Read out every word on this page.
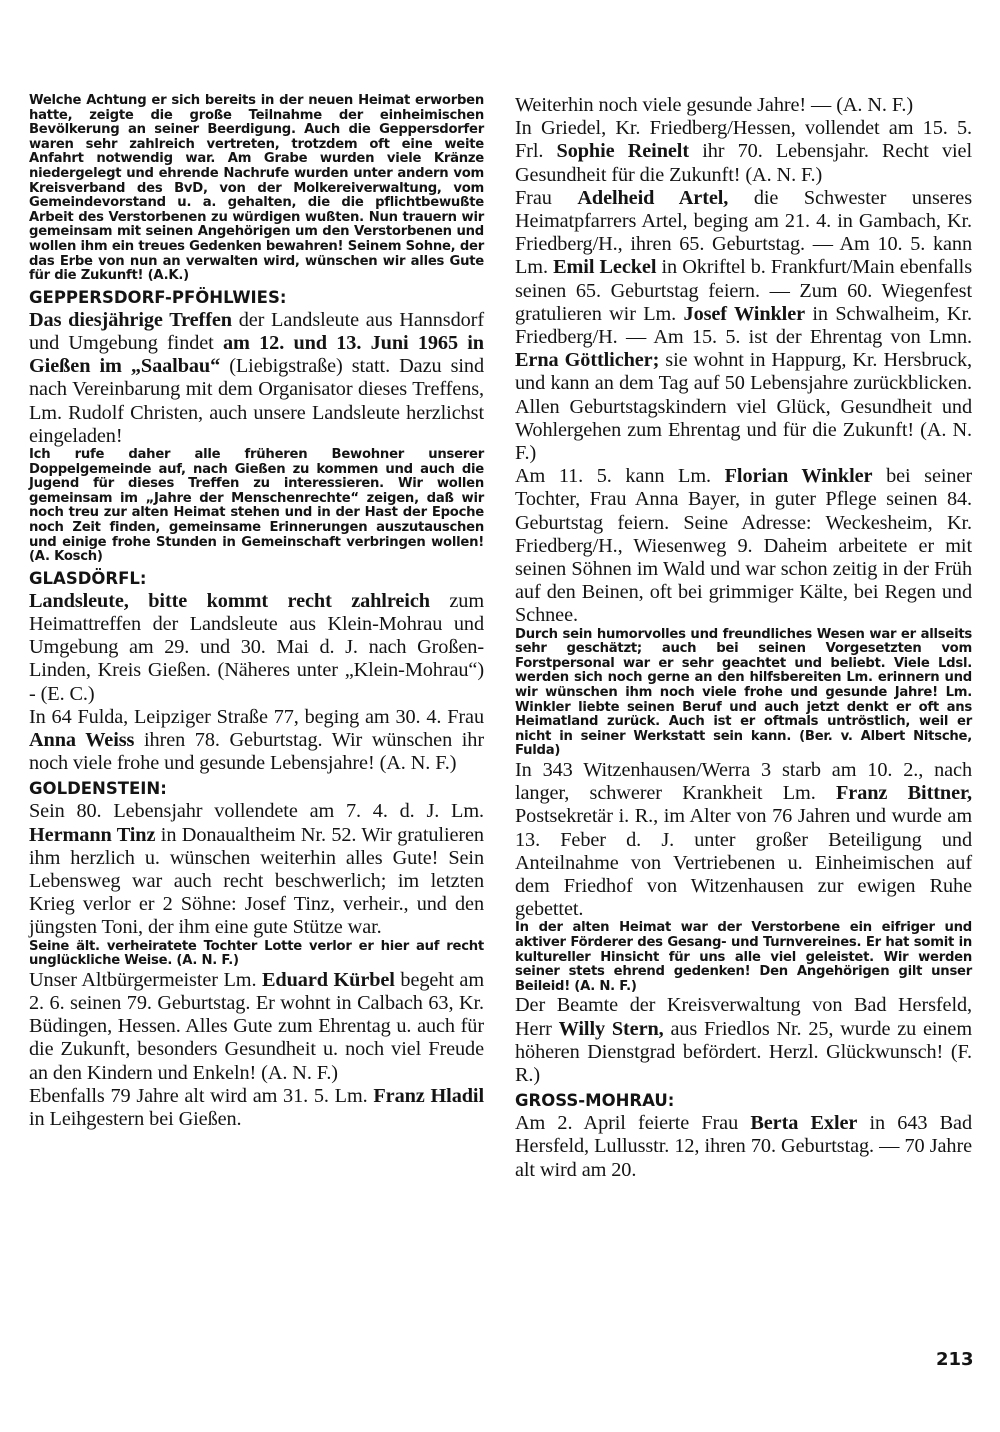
Welche Achtung er sich bereits in der neuen Heimat erworben hatte, zeigte die große Teilnahme der einheimischen Bevölkerung an seiner Beerdigung. Auch die Geppersdorfer waren sehr zahlreich vertreten, trotzdem oft eine weite Anfahrt notwendig war. Am Grabe wurden viele Kränze niedergelegt und ehrende Nachrufe wurden unter andern vom Kreisverband des BvD, von der Molkereiverwaltung, vom Gemeindevorstand u. a. gehalten, die die pflichtbewußte Arbeit des Verstorbenen zu würdigen wußten. Nun trauern wir gemeinsam mit seinen Angehörigen um den Verstorbenen und wollen ihm ein treues Gedenken bewahren! Seinem Sohne, der das Erbe von nun an verwalten wird, wünschen wir alles Gute für die Zukunft! (A.K.)

GEPPERSDORF-PFÖHLWIES:

Das diesjährige Treffen der Landsleute aus Hannsdorf und Umgebung findet am 12. und 13. Juni 1965 in Gießen im „Saalbau“ (Liebigstraße) statt. Dazu sind nach Vereinbarung mit dem Organisator dieses Treffens, Lm. Rudolf Christen, auch unsere Landsleute herzlichst eingeladen!

Ich rufe daher alle früheren Bewohner unserer Doppelgemeinde auf, nach Gießen zu kommen und auch die Jugend für dieses Treffen zu interessieren. Wir wollen gemeinsam im „Jahre der Menschenrechte“ zeigen, daß wir noch treu zur alten Heimat stehen und in der Hast der Epoche noch Zeit finden, gemeinsame Erinnerungen auszutauschen und einige frohe Stunden in Gemeinschaft verbringen wollen! (A. Kosch)

GLASDÖRFL:

Landsleute, bitte kommt recht zahlreich zum Heimattreffen der Landsleute aus Klein-Mohrau und Umgebung am 29. und 30. Mai d. J. nach Großen-Linden, Kreis Gießen. (Näheres unter „Klein-Mohrau“) - (E. C.)

In 64 Fulda, Leipziger Straße 77, beging am 30. 4. Frau Anna Weiss ihren 78. Geburtstag. Wir wünschen ihr noch viele frohe und gesunde Lebensjahre! (A. N. F.)

GOLDENSTEIN:

Sein 80. Lebensjahr vollendete am 7. 4. d. J. Lm. Hermann Tinz in Donaualtheim Nr. 52. Wir gratulieren ihm herzlich u. wünschen weiterhin alles Gute! Sein Lebensweg war auch recht beschwerlich; im letzten Krieg verlor er 2 Söhne: Josef Tinz, verheir., und den jüngsten Toni, der ihm eine gute Stütze war.

Seine ält. verheiratete Tochter Lotte verlor er hier auf recht unglückliche Weise. (A. N. F.)

Unser Altbürgermeister Lm. Eduard Kürbel begeht am 2. 6. seinen 79. Geburtstag. Er wohnt in Calbach 63, Kr. Büdingen, Hessen. Alles Gute zum Ehrentag u. auch für die Zukunft, besonders Gesundheit u. noch viel Freude an den Kindern und Enkeln! (A. N. F.)

Ebenfalls 79 Jahre alt wird am 31. 5. Lm. Franz Hladil in Leihgestern bei Gießen.

Weiterhin noch viele gesunde Jahre! — (A. N. F.)

In Griedel, Kr. Friedberg/Hessen, vollendet am 15. 5. Frl. Sophie Reinelt ihr 70. Lebensjahr. Recht viel Gesundheit für die Zukunft! (A. N. F.)

Frau Adelheid Artel, die Schwester unseres Heimatpfarrers Artel, beging am 21. 4. in Gambach, Kr. Friedberg/H., ihren 65. Geburtstag. — Am 10. 5. kann Lm. Emil Leckel in Okriftel b. Frankfurt/Main ebenfalls seinen 65. Geburtstag feiern. — Zum 60. Wiegenfest gratulieren wir Lm. Josef Winkler in Schwalheim, Kr. Friedberg/H. — Am 15. 5. ist der Ehrentag von Lmn. Erna Göttlicher; sie wohnt in Happurg, Kr. Hersbruck, und kann an dem Tag auf 50 Lebensjahre zurückblicken. Allen Geburtstagskindern viel Glück, Gesundheit und Wohlergehen zum Ehrentag und für die Zukunft! (A. N. F.)

Am 11. 5. kann Lm. Florian Winkler bei seiner Tochter, Frau Anna Bayer, in guter Pflege seinen 84. Geburtstag feiern. Seine Adresse: Weckesheim, Kr. Friedberg/H., Wiesenweg 9. Daheim arbeitete er mit seinen Söhnen im Wald und war schon zeitig in der Früh auf den Beinen, oft bei grimmiger Kälte, bei Regen und Schnee.

Durch sein humorvolles und freundliches Wesen war er allseits sehr geschätzt; auch bei seinen Vorgesetzten vom Forstpersonal war er sehr geachtet und beliebt. Viele Ldsl. werden sich noch gerne an den hilfsbereiten Lm. erinnern und wir wünschen ihm noch viele frohe und gesunde Jahre! Lm. Winkler liebte seinen Beruf und auch jetzt denkt er oft ans Heimatland zurück. Auch ist er oftmals untröstlich, weil er nicht in seiner Werkstatt sein kann. (Ber. v. Albert Nitsche, Fulda)

In 343 Witzenhausen/Werra 3 starb am 10. 2., nach langer, schwerer Krankheit Lm. Franz Bittner, Postsekretär i. R., im Alter von 76 Jahren und wurde am 13. Feber d. J. unter großer Beteiligung und Anteilnahme von Vertriebenen u. Einheimischen auf dem Friedhof von Witzenhausen zur ewigen Ruhe gebettet.

In der alten Heimat war der Verstorbene ein eifriger und aktiver Förderer des Gesang- und Turnvereines. Er hat somit in kultureller Hinsicht für uns alle viel geleistet. Wir werden seiner stets ehrend gedenken! Den Angehörigen gilt unser Beileid! (A. N. F.)

Der Beamte der Kreisverwaltung von Bad Hersfeld, Herr Willy Stern, aus Friedlos Nr. 25, wurde zu einem höheren Dienstgrad befördert. Herzl. Glückwunsch! (F. R.)

GROSS-MOHRAU:

Am 2. April feierte Frau Berta Exler in 643 Bad Hersfeld, Lullusstr. 12, ihren 70. Geburtstag. — 70 Jahre alt wird am 20.

213
